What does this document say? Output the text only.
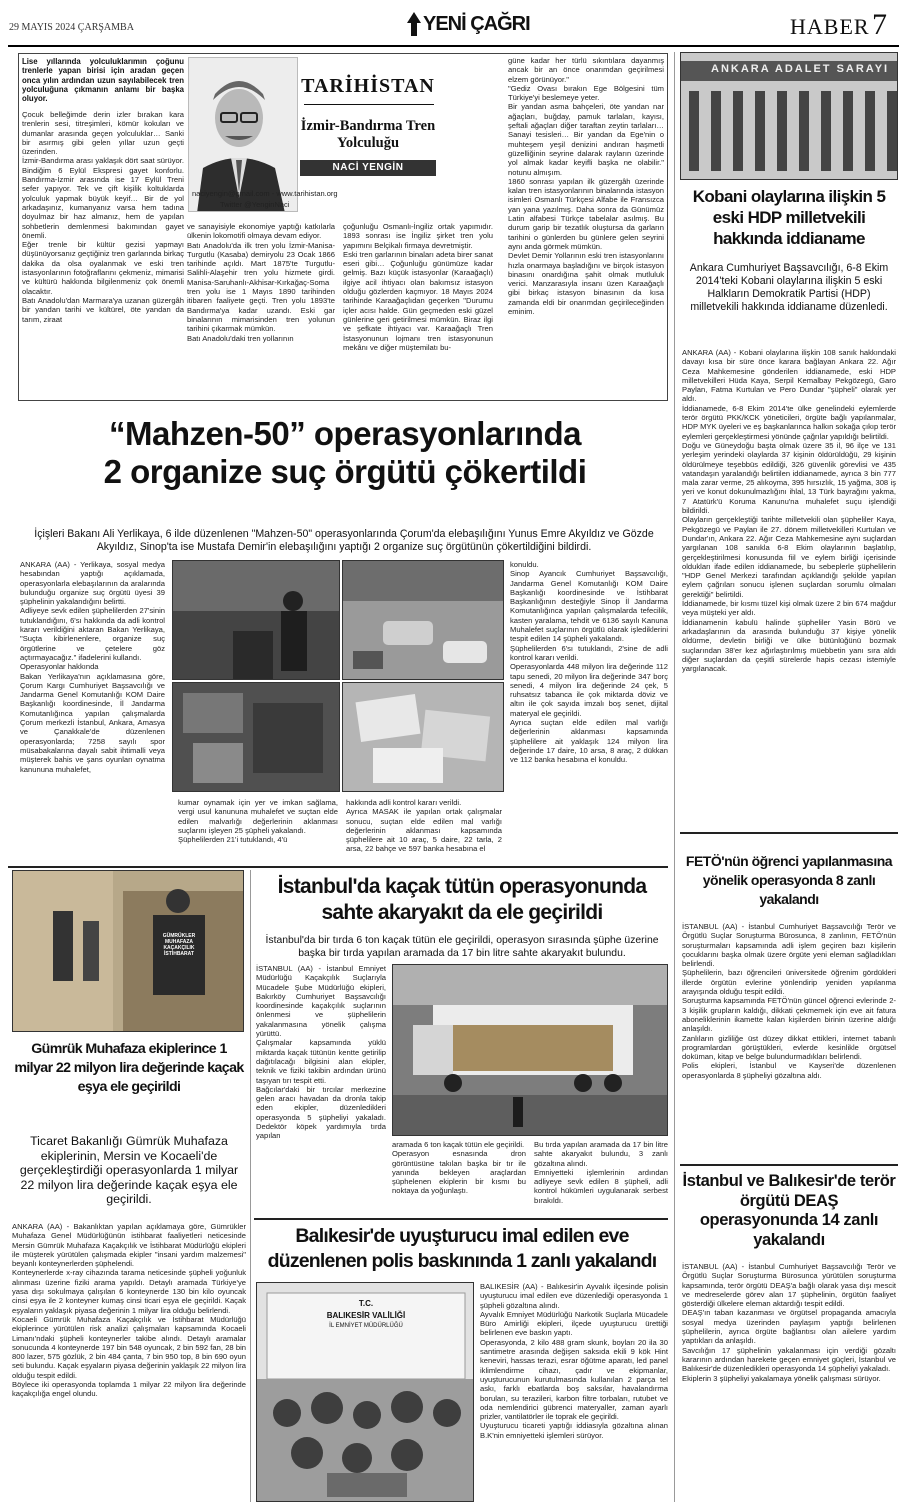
29 MAYIS 2024 ÇARŞAMBA	YENİ ÇAĞRI	HABER 7
Lise yıllarında yolculuklarımın çoğunu trenlerle yapan birisi için aradan geçen onca yılın ardından uzun sayılabilecek tren yolculuğuna çıkmanın anlamı bir başka oluyor.
Çocuk belleğimde derin izler bırakan kara trenlerin sesi, titreşimleri, kömür kokuları ve dumanlar arasında geçen yolculuklar… Sanki bir asırmış gibi gelen yıllar uzun geçti üzerinden.
İzmir-Bandırma arası yaklaşık dört saat sürüyor. Bindiğim 6 Eylül Ekspresi gayet konforlu. Bandırma-İzmir arasında ise 17 Eylül Treni sefer yapıyor. Tek ve çift kişilik koltuklarda yolculuk yapmak büyük keyif… Bir de yol arkadaşınız, kumanyanız varsa hem tadına doyulmaz bir haz almanız, hem de yapılan sohbetlerin demlenmesi bakımından gayet önemli.
Eğer trenle bir kültür gezisi yapmayı düşünüyorsanız geçtiğiniz tren garlarında birkaç dakika da olsa oyalanmak ve eski tren istasyonlarının fotoğraflarını çekmeniz, mimarisi ve kültürü hakkında bilgilenmeniz çok önemli olacaktır.
Batı Anadolu'dan Marmara'ya uzanan güzergâh bir yandan tarihi ve kültürel, öte yandan da tarım, ziraat
TARİHİSTAN
İzmir-Bandırma Tren Yolculuğu
NACİ YENGİN
naciyengin@gmail.com - www.tarihistan.org
Twitter @YenginNaci
ve sanayisiyle ekonomiye yaptığı katkılarla ülkenin lokomotifi olmaya devam ediyor.
Batı Anadolu'da ilk tren yolu İzmir-Manisa-Turgutlu (Kasaba) demiryolu 23 Ocak 1866 tarihinde açıldı. Mart 1875'te Turgutlu- Salihli-Alaşehir tren yolu hizmete girdi. Manisa-Saruhanlı-Akhisar-Kırkağaç-Soma tren yolu ise 1 Mayıs 1890 tarihinden itibaren faaliyete geçti. Tren yolu 1893'te Bandırma'ya kadar uzandı. Eski gar binalarının mimarisinden tren yolunun tarihini çıkarmak mümkün.
Batı Anadolu'daki tren yollarının
çoğunluğu Osmanlı-İngiliz ortak yapımıdır. 1893 sonrası ise İngiliz şirket tren yolu yapımını Belçikalı firmaya devretmiştir.
Eski tren garlarının binaları adeta birer sanat eseri gibi… Çoğunluğu günümüze kadar gelmiş. Bazı küçük istasyonlar (Karaağaçlı) ilgiye acil ihtiyacı olan bakımsız istasyon olduğu gözlerden kaçmıyor. 18 Mayıs 2024 tarihinde Karaağaçlıdan geçerken "Durumu içler acısı halde. Gün geçmeden eski güzel günlerine geri getirilmesi mümkün. Biraz ilgi ve şefkate ihtiyacı var. Karaağaçlı Tren İstasyonunun lojmanı tren istasyonunun mekânı ve diğer müştemilatı bu-
güne kadar her türlü sıkıntılara dayanmış ancak bir an önce onarımdan geçirilmesi elzem görünüyor."
"Gediz Ovası bırakın Ege Bölgesini tüm Türkiye'yi beslemeye yeter.
Bir yandan asma bahçeleri, öte yandan nar ağaçları, buğday, pamuk tarlaları, kayısı, şeftali ağaçları diğer taraftan zeytin tarlaları… Sanayi tesisleri… Bir yandan da Ege'nin o muhteşem yeşil denizini andıran haşmetli güzelliğinin seyrine dalarak rayların üzerinde yol almak kadar keyifli başka ne olabilir." notunu almışım.
1860 sonrası yapılan ilk güzergâh üzerinde kalan tren istasyonlarının binalarında istasyon isimleri Osmanlı Türkçesi Alfabe ile Fransızca yan yana yazılmış. Daha sonra da Günümüz Latin alfabesi Türkçe tabelalar asılmış. Bu durum garip bir tezatlık oluştursa da garların tarihini o günlerden bu günlere gelen seyrini aynı anda görmek mümkün.
Devlet Demir Yollarının eski tren istasyonlarını hızla onarmaya başladığını ve birçok istasyon binasını onardığına şahit olmak mutluluk verici. Manzarasıyla insanı üzen Karaağaçlı gibi birkaç istasyon binasının da kısa zamanda eldi bir onarımdan geçirileceğinden eminim.
“Mahzen-50” operasyonlarında
2 organize suç örgütü çökertildi
İçişleri Bakanı Ali Yerlikaya, 6 ilde düzenlenen "Mahzen-50" operasyonlarında Çorum'da elebaşılığını Yunus Emre Akyıldız ve Gözde Akyıldız, Sinop'ta ise Mustafa Demir'in elebaşılığını yaptığı 2 organize suç örgütünün çökertildiğini bildirdi.
ANKARA (AA) - Yerlikaya, sosyal medya hesabından yaptığı açıklamada, operasyonlarla elebaşılarının da aralarında bulunduğu organize suç örgütü üyesi 39 şüphelinin yakalandığını belirtti.
Adliyeye sevk edilen şüphelilerden 27'sinin tutuklandığını, 6'sı hakkında da adli kontrol kararı verildiğini aktaran Bakan Yerlikaya, "Suçta kibirlenenlere, organize suç örgütlerine ve çetelere göz açtırmayacağız." ifadelerini kullandı.
Operasyonlar hakkında
Bakan Yerlikaya'nın açıklamasına göre, Çorum Kargı Cumhuriyet Başsavcılığı ve Jandarma Genel Komutanlığı KOM Daire Başkanlığı koordinesinde, İl Jandarma Komutanlığınca yapılan çalışmalarda Çorum merkezli İstanbul, Ankara, Amasya ve Çanakkale'de düzenlenen operasyonlarda; 7258 sayılı spor müsabakalarına dayalı sabit ihtimalli veya müşterek bahis ve şans oyunları oynatma kanununa muhalefet,
kumar oynamak için yer ve imkan sağlama, vergi usul kanununa muhalefet ve suçtan elde edilen malvarlığı değerlerinin aklanması suçlarını işleyen 25 şüpheli yakalandı.
Şüphelilerden 21'i tutuklandı, 4'ü
hakkında adli kontrol kararı verildi.
Ayrıca MASAK ile yapılan ortak çalışmalar sonucu, suçtan elde edilen mal varlığı değerlerinin aklanması kapsamında şüphelilere ait 10 araç, 5 daire, 22 tarla, 2 arsa, 22 bahçe ve 597 banka hesabına el
konuldu.
Sinop Ayancık Cumhuriyet Başsavcılığı, Jandarma Genel Komutanlığı KOM Daire Başkanlığı koordinesinde ve İstihbarat Başkanlığının desteğiyle Sinop İl Jandarma Komutanlığınca yapılan çalışmalarda tefecilik, kasten yaralama, tehdit ve 6136 sayılı Kanuna Muhalefet suçlarının örgütlü olarak işlediklerini tespit edilen 14 şüpheli yakalandı.
Şüphelilerden 6'sı tutuklandı, 2'sine de adli kontrol kararı verildi.
Operasyonlarda 448 milyon lira değerinde 112 tapu senedi, 20 milyon lira değerinde 347 borç senedi, 4 milyon lira değerinde 24 çek, 5 ruhsatsız tabanca ile çok miktarda döviz ve altın ile çok sayıda imzalı boş senet, dijital materyal ele geçirildi.
Ayrıca suçtan elde edilen mal varlığı değerlerinin aklanması kapsamında şüphelilere ait yaklaşık 124 milyon lira değerinde 17 daire, 10 arsa, 8 araç, 2 dükkan ve 112 banka hesabına el konuldu.
ANKARA ADALET SARAYI
Kobani olaylarına ilişkin 5 eski HDP milletvekili hakkında iddianame
Ankara Cumhuriyet Başsavcılığı, 6-8 Ekim 2014'teki Kobani olaylarına ilişkin 5 eski Halkların Demokratik Partisi (HDP) milletvekili hakkında iddianame düzenledi.
ANKARA (AA) - Kobani olaylarına ilişkin 108 sanık hakkındaki davayı kısa bir süre önce karara bağlayan Ankara 22. Ağır Ceza Mahkemesine gönderilen iddianamede, eski HDP milletvekilleri Hüda Kaya, Serpil Kemalbay Pekgözegü, Garo Paylan, Fatma Kurtulan ve Pero Dundar "şüpheli" olarak yer aldı.
İddianamede, 6-8 Ekim 2014'te ülke genelindeki eylemlerde terör örgütü PKK/KCK yöneticileri, örgüte bağlı yapılanmalar, HDP MYK üyeleri ve eş başkanlarınca halkın sokağa çıkıp terör eylemleri gerçekleştirmesi yönünde çağrılar yapıldığı belirtildi.
Doğu ve Güneydoğu başta olmak üzere 35 il, 96 ilçe ve 131 yerleşim yerindeki olaylarda 37 kişinin öldürüldüğü, 29 kişinin öldürülmeye teşebbüs edildiği, 326 güvenlik görevlisi ve 435 vatandaşın yaralandığı belirtilen iddianamede, ayrıca 3 bin 777 mala zarar verme, 25 alıkoyma, 395 hırsızlık, 15 yağma, 308 iş yeri ve konut dokunulmazlığını ihlal, 13 Türk bayrağını yakma, 7 Atatürk'ü Koruma Kanunu'na muhalefet suçu işlendiği bildirildi.
Olayların gerçekleştiği tarihte milletvekili olan şüpheliler Kaya, Pekgözegü ve Paylan ile 27. dönem milletvekilleri Kurtulan ve Dundar'ın, Ankara 22. Ağır Ceza Mahkemesine aynı suçlardan yargılanan 108 sanıkla 6-8 Ekim olaylarının başlatılıp, gerçekleştirilmesi konusunda fiil ve eylem birliği içerisinde oldukları ifade edilen iddianamede, bu sebeplerle şüphelilerin "HDP Genel Merkezi tarafından açıklandığı şekilde yapılan eylem çağrıları sonucu işlenen suçlardan sorumlu olmaları gerektiği" belirtildi.
İddianamede, bir kısmı tüzel kişi olmak üzere 2 bin 674 mağdur veya müşteki yer aldı.
İddianamenin kabulü halinde şüpheliler Yasin Börü ve arkadaşlarının da arasında bulunduğu 37 kişiye yönelik öldürme, devletin birliği ve ülke bütünlüğünü bozmak suçlarından 38'er kez ağırlaştırılmış müebbetin yanı sıra aldı diğer suçlardan da çeşitli sürelerde hapis cezası istemiyle yargılanacak.
FETÖ'nün öğrenci yapılanmasına yönelik operasyonda 8 zanlı yakalandı
İSTANBUL (AA) - İstanbul Cumhuriyet Başsavcılığı Terör ve Örgütlü Suçlar Soruşturma Bürosunca, 8 zanlının, FETÖ'nün soruşturmaları kapsamında adli işlem geçiren bazı kişilerin çocuklarını başka olmak üzere örgüte yeni eleman sağladıkları belirlendi.
Şüphelilerin, bazı öğrencileri üniversitede öğrenim gördükleri illerde örgütün evlerine yönlendirip yeniden yapılanma arayışında olduğu tespit edildi.
Soruşturma kapsamında FETÖ'nün güncel öğrenci evlerinde 2-3 kişilik grupların kaldığı, dikkati çekmemek için eve ait fatura aboneliklerinin ikamette kalan kişilerden birinin üzerine aldığı anlaşıldı.
Zanlıların gizliliğe üst düzey dikkat ettikleri, internet tabanlı programlardan görüştükleri, evlerde kesinlikle örgütsel doküman, kitap ve belge bulundurmadıkları belirlendi.
Polis ekipleri, İstanbul ve Kayseri'de düzenlenen operasyonlarda 8 şüpheliyi gözaltına aldı.
İstanbul ve Balıkesir'de terör örgütü DEAŞ operasyonunda 14 zanlı yakalandı
İSTANBUL (AA) - İstanbul Cumhuriyet Başsavcılığı Terör ve Örgütlü Suçlar Soruşturma Bürosunca yürütülen soruşturma kapsamında, terör örgütü DEAŞ'a bağlı olarak yasa dışı mescit ve medreselerde görev alan 17 şüphelinin, örgütün faaliyet gösterdiği ülkelere eleman aktardığı tespit edildi.
DEAŞ'ın taban kazanması ve örgütsel propaganda amacıyla sosyal medya üzerinden paylaşım yaptığı belirlenen şüphelilerin, ayrıca örgüte bağlantısı olan ailelere yardım yaptıkları da anlaşıldı.
Savcılığın 17 şüphelinin yakalanması için verdiği gözaltı kararının ardından harekete geçen emniyet güçleri, İstanbul ve Balıkesir'de düzenledikleri operasyonda 14 şüpheliyi yakaladı.
Ekiplerin 3 şüpheliyi yakalamaya yönelik çalışması sürüyor.
GÜMRÜKLER MUHAFAZA KAÇAKÇILIK İSTİHBARAT
Gümrük Muhafaza ekiplerince 1 milyar 22 milyon lira değerinde kaçak eşya ele geçirildi
Ticaret Bakanlığı Gümrük Muhafaza ekiplerinin, Mersin ve Kocaeli'de gerçekleştirdiği operasyonlarda 1 milyar 22 milyon lira değerinde kaçak eşya ele geçirildi.
ANKARA (AA) - Bakanlıktan yapılan açıklamaya göre, Gümrükler Muhafaza Genel Müdürlüğünün istihbarat faaliyetleri neticesinde Mersin Gümrük Muhafaza Kaçakçılık ve İstihbarat Müdürlüğü ekipleri ile müşterek yürütülen çalışmada ekipler "insani yardım malzemesi" beyanlı konteynerlerden şüphelendi.
Konteynerlerde x-ray cihazında tarama neticesinde şüpheli yoğunluk alınması üzerine fiziki arama yapıldı. Detaylı aramada Türkiye'ye yasa dışı sokulmaya çalışılan 6 konteynerde 130 bin kilo oyuncak cinsi eşya ile 2 konteyner kumaş cinsi ticari eşya ele geçirildi. Kaçak eşyaların yaklaşık piyasa değerinin 1 milyar lira olduğu belirlendi.
Kocaeli Gümrük Muhafaza Kaçakçılık ve İstihbarat Müdürlüğü ekiplerince yürütülen risk analizi çalışmaları kapsamında Kocaeli Limanı'ndaki şüpheli konteynerler takibe alındı. Detaylı aramalar sonucunda 4 konteynerde 197 bin 548 oyuncak, 2 bin 592 fan, 28 bin 800 lazer, 575 gözlük, 2 bin 484 çanta, 7 bin 950 top, 8 bin 690 oyun seti bulundu. Kaçak eşyaların piyasa değerinin yaklaşık 22 milyon lira olduğu tespit edildi.
Böylece iki operasyonda toplamda 1 milyar 22 milyon lira değerinde kaçakçılığa engel olundu.
İstanbul'da kaçak tütün operasyonunda sahte akaryakıt da ele geçirildi
İstanbul'da bir tırda 6 ton kaçak tütün ele geçirildi, operasyon sırasında şüphe üzerine başka bir tırda yapılan aramada da 17 bin litre sahte akaryakıt bulundu.
İSTANBUL (AA) - İstanbul Emniyet Müdürlüğü Kaçakçılık Suçlarıyla Mücadele Şube Müdürlüğü ekipleri, Bakırköy Cumhuriyet Başsavcılığı koordinesinde kaçakçılık suçlarının önlenmesi ve şüphelilerin yakalanmasına yönelik çalışma yürüttü.
Çalışmalar kapsamında yüklü miktarda kaçak tütünün kentte getirilip dağıtılacağı bilgisini alan ekipler, teknik ve fiziki takibin ardından ürünü taşıyan tırı tespit etti.
Bağcılar'daki bir tırcılar merkezine gelen aracı havadan da dronla takip eden ekipler, düzenledikleri operasyonda 5 şüpheliyi yakaladı. Dedektör köpek yardımıyla tırda yapılan
aramada 6 ton kaçak tütün ele geçirildi.
Operasyon esnasında dron görüntüsüne takılan başka bir tır ile yanında bekleyen araçlardan şüphelenen ekiplerin bir kısmı bu noktaya da yoğunlaştı.
Bu tırda yapılan aramada da 17 bin litre sahte akaryakıt bulundu, 3 zanlı gözaltına alındı.
Emniyetteki işlemlerinin ardından adliyeye sevk edilen 8 şüpheli, adli kontrol hükümleri uygulanarak serbest bırakıldı.
Balıkesir'de uyuşturucu imal edilen eve düzenlenen polis baskınında 1 zanlı yakalandı
T.C.
BALIKESİR VALİLİĞİ
İL EMNİYET MÜDÜRLÜĞÜ
BALIKESİR (AA) - Balıkesir'in Ayvalık ilçesinde polisin uyuşturucu imal edilen eve düzenlediği operasyonda 1 şüpheli gözaltına alındı.
Ayvalık Emniyet Müdürlüğü Narkotik Suçlarla Mücadele Büro Amirliği ekipleri, ilçede uyuşturucu ürettiği belirlenen eve baskın yaptı.
Operasyonda, 2 kilo 488 gram skunk, boyları 20 ila 30 santimetre arasında değişen saksıda ekili 9 kök Hint keneviri, hassas terazi, esrar öğütme aparatı, led panel iklimlendirme cihazı, çadır ve ekipmanlar, uyuşturucunun kurutulmasında kullanılan 2 parça tel askı, farklı ebatlarda boş saksılar, havalandırma boruları, su terazileri, karbon filtre torbaları, rutubet ve oda nemlendirici gübrenci materyaller, zaman ayarlı prizler, vantilatörler ile toprak ele geçirildi.
Uyuşturucu ticareti yaptığı iddiasıyla gözaltına alınan B.K'nin emniyetteki işlemleri sürüyor.
